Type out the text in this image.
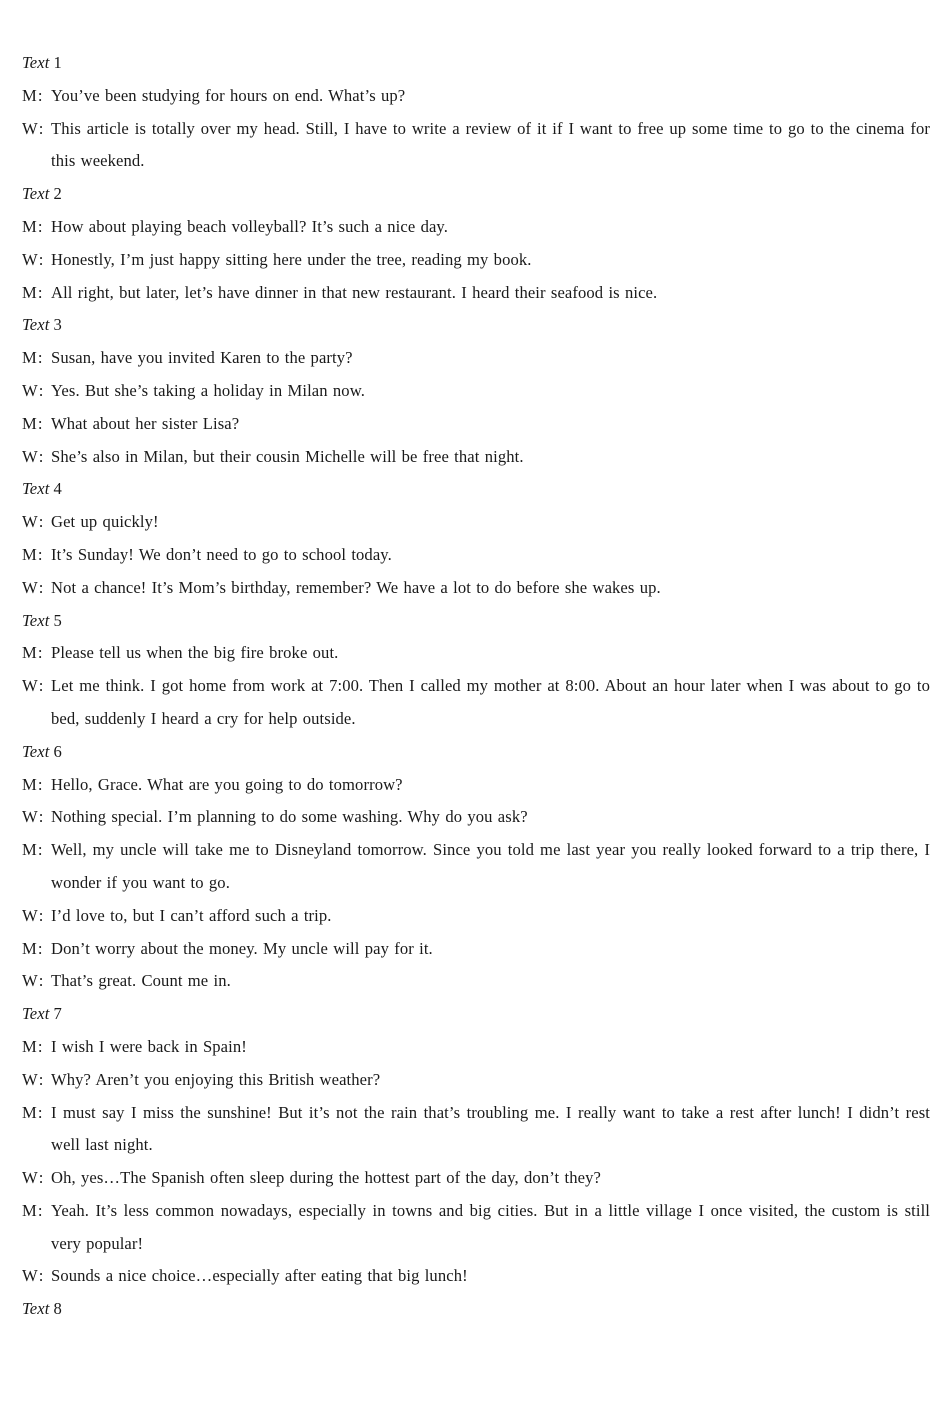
Text 1

M: You’ve been studying for hours on end. What’s up?

W: This article is totally over my head. Still, I have to write a review of it if I want to free up some time to go to the cinema for this weekend.

Text 2

M: How about playing beach volleyball? It’s such a nice day.

W: Honestly, I’m just happy sitting here under the tree, reading my book.

M: All right, but later, let’s have dinner in that new restaurant. I heard their seafood is nice.

Text 3

M: Susan, have you invited Karen to the party?

W: Yes. But she’s taking a holiday in Milan now.

M: What about her sister Lisa?

W: She’s also in Milan, but their cousin Michelle will be free that night.

Text 4

W: Get up quickly!

M: It’s Sunday! We don’t need to go to school today.

W: Not a chance! It’s Mom’s birthday, remember? We have a lot to do before she wakes up.

Text 5

M: Please tell us when the big fire broke out.

W: Let me think. I got home from work at 7:00. Then I called my mother at 8:00. About an hour later when I was about to go to bed, suddenly I heard a cry for help outside.

Text 6

M: Hello, Grace. What are you going to do tomorrow?

W: Nothing special. I’m planning to do some washing. Why do you ask?

M: Well, my uncle will take me to Disneyland tomorrow. Since you told me last year you really looked forward to a trip there, I wonder if you want to go.

W: I’d love to, but I can’t afford such a trip.

M: Don’t worry about the money. My uncle will pay for it.

W: That’s great. Count me in.

Text 7

M: I wish I were back in Spain!

W: Why? Aren’t you enjoying this British weather?

M: I must say I miss the sunshine! But it’s not the rain that’s troubling me. I really want to take a rest after lunch! I didn’t rest well last night.

W: Oh, yes…The Spanish often sleep during the hottest part of the day, don’t they?

M: Yeah. It’s less common nowadays, especially in towns and big cities. But in a little village I once visited, the custom is still very popular!

W: Sounds a nice choice…especially after eating that big lunch!

Text 8
